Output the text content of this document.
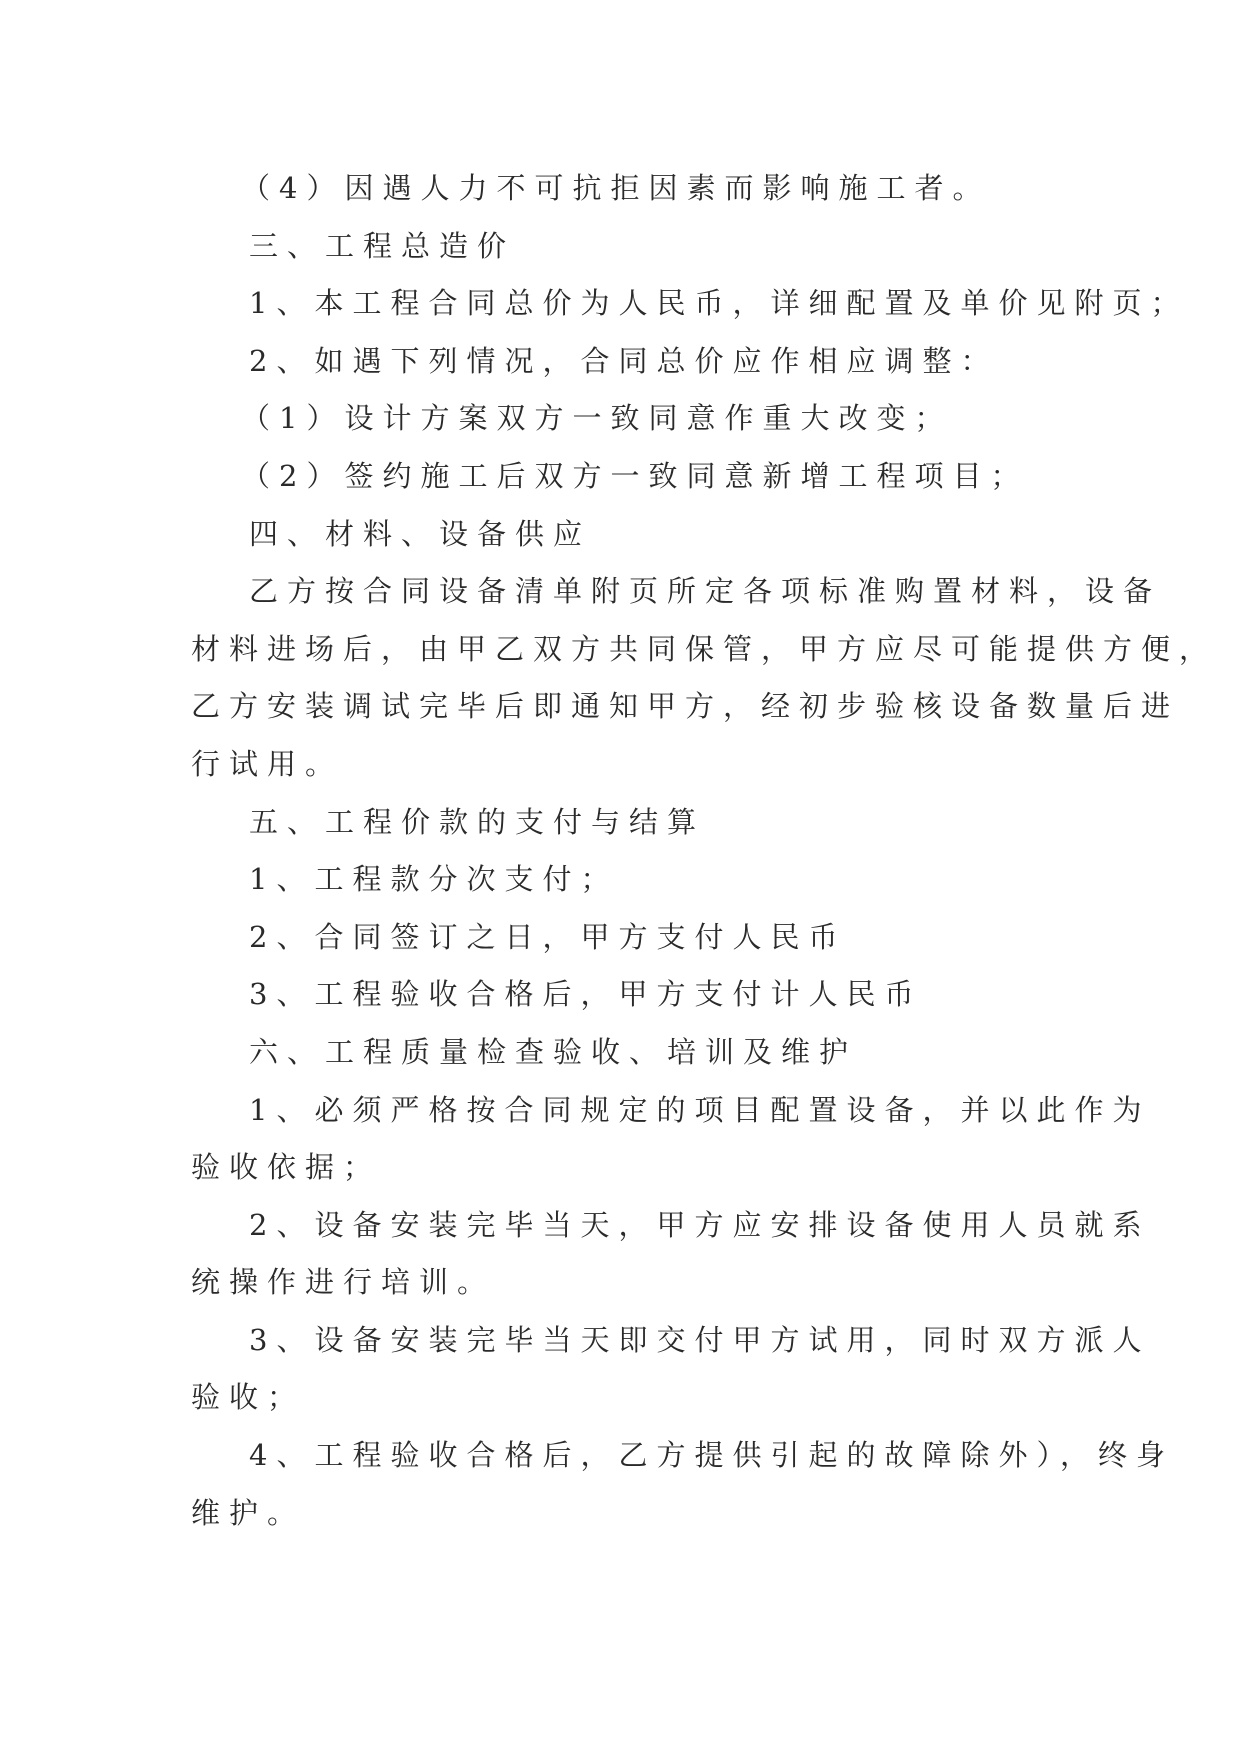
（4）因遇人力不可抗拒因素而影响施工者。
三、工程总造价
1、本工程合同总价为人民币，详细配置及单价见附页；
2、如遇下列情况，合同总价应作相应调整：
（1）设计方案双方一致同意作重大改变；
（2）签约施工后双方一致同意新增工程项目；
四、材料、设备供应
乙方按合同设备清单附页所定各项标准购置材料，设备
材料进场后，由甲乙双方共同保管，甲方应尽可能提供方便，
乙方安装调试完毕后即通知甲方，经初步验核设备数量后进
行试用。
五、工程价款的支付与结算
1、工程款分次支付；
2、合同签订之日，甲方支付人民币
3、工程验收合格后，甲方支付计人民币
六、工程质量检查验收、培训及维护
1、必须严格按合同规定的项目配置设备，并以此作为
验收依据；
2、设备安装完毕当天，甲方应安排设备使用人员就系
统操作进行培训。
3、设备安装完毕当天即交付甲方试用，同时双方派人
验收；
4、工程验收合格后，乙方提供引起的故障除外），终身
维护。
